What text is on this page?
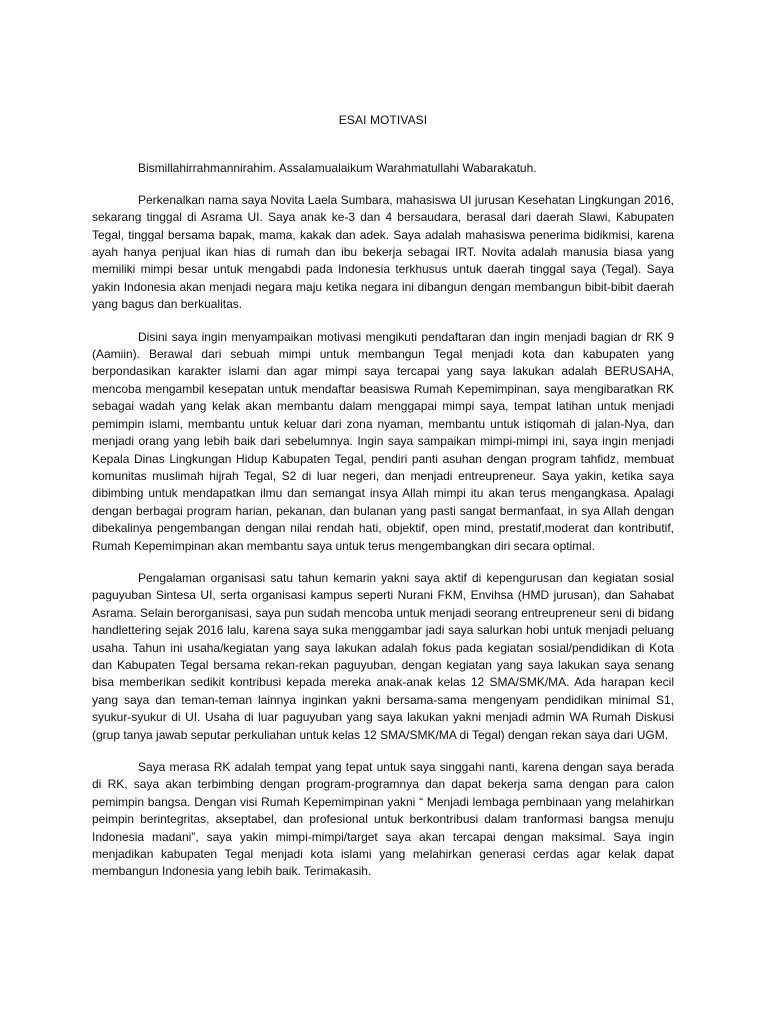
ESAI MOTIVASI

Bismillahirrahmannirahim. Assalamualaikum Warahmatullahi Wabarakatuh.

Perkenalkan nama saya Novita Laela Sumbara, mahasiswa UI jurusan Kesehatan Lingkungan 2016, sekarang tinggal di Asrama UI. Saya anak ke-3 dan 4 bersaudara, berasal dari daerah Slawi, Kabupaten Tegal, tinggal bersama bapak, mama, kakak dan adek. Saya adalah mahasiswa penerima bidikmisi, karena ayah hanya penjual ikan hias di rumah dan ibu bekerja sebagai IRT. Novita adalah manusia biasa yang memiliki mimpi besar untuk mengabdi pada Indonesia terkhusus untuk daerah tinggal saya (Tegal). Saya yakin Indonesia akan menjadi negara maju ketika negara ini dibangun dengan membangun bibit-bibit daerah yang bagus dan berkualitas.

Disini saya ingin menyampaikan motivasi mengikuti pendaftaran dan ingin menjadi bagian dr RK 9 (Aamiin). Berawal dari sebuah mimpi untuk membangun Tegal menjadi kota dan kabupaten yang berpondasikan karakter islami dan agar mimpi saya tercapai yang saya lakukan adalah BERUSAHA, mencoba mengambil kesepatan untuk mendaftar beasiswa Rumah Kepemimpinan, saya mengibaratkan RK sebagai wadah yang kelak akan membantu dalam menggapai mimpi saya, tempat latihan untuk menjadi pemimpin islami, membantu untuk keluar dari zona nyaman, membantu untuk istiqomah di jalan-Nya, dan menjadi orang yang lebih baik dari sebelumnya. Ingin saya sampaikan mimpi-mimpi ini, saya ingin menjadi Kepala Dinas Lingkungan Hidup Kabupaten Tegal, pendiri panti asuhan dengan program tahfidz, membuat komunitas muslimah hijrah Tegal, S2 di luar negeri, dan menjadi entreupreneur. Saya yakin, ketika saya dibimbing untuk mendapatkan ilmu dan semangat insya Allah mimpi itu akan terus mengangkasa. Apalagi dengan berbagai program harian, pekanan, dan bulanan yang pasti sangat bermanfaat, in sya Allah dengan dibekalinya pengembangan dengan nilai rendah hati, objektif, open mind, prestatif,moderat dan kontributif, Rumah Kepemimpinan akan membantu saya untuk terus mengembangkan diri secara optimal.

Pengalaman organisasi satu tahun kemarin yakni saya aktif di kepengurusan dan kegiatan sosial paguyuban Sintesa UI, serta organisasi kampus seperti Nurani FKM, Envihsa (HMD jurusan), dan Sahabat Asrama. Selain berorganisasi, saya pun sudah mencoba untuk menjadi seorang entreupreneur seni di bidang handlettering sejak 2016 lalu, karena saya suka menggambar jadi saya salurkan hobi untuk menjadi peluang usaha. Tahun ini usaha/kegiatan yang saya lakukan adalah fokus pada kegiatan sosial/pendidikan di Kota dan Kabupaten Tegal bersama rekan-rekan paguyuban, dengan kegiatan yang saya lakukan saya senang bisa memberikan sedikit kontribusi kepada mereka anak-anak kelas 12 SMA/SMK/MA. Ada harapan kecil yang saya dan teman-teman lainnya inginkan yakni bersama-sama mengenyam pendidikan minimal S1, syukur-syukur di UI. Usaha di luar paguyuban yang saya lakukan yakni menjadi admin WA Rumah Diskusi (grup tanya jawab seputar perkuliahan untuk kelas 12 SMA/SMK/MA di Tegal) dengan rekan saya dari UGM.

Saya merasa RK adalah tempat yang tepat untuk saya singgahi nanti, karena dengan saya berada di RK, saya akan terbimbing dengan program-programnya dan dapat bekerja sama dengan para calon pemimpin bangsa. Dengan visi Rumah Kepemimpinan yakni “ Menjadi lembaga pembinaan yang melahirkan peimpin berintegritas, akseptabel, dan profesional untuk berkontribusi dalam tranformasi bangsa menuju Indonesia madani”, saya yakin mimpi-mimpi/target saya akan tercapai dengan maksimal. Saya ingin menjadikan kabupaten Tegal menjadi kota islami yang melahirkan generasi cerdas agar kelak dapat membangun Indonesia yang lebih baik. Terimakasih.
